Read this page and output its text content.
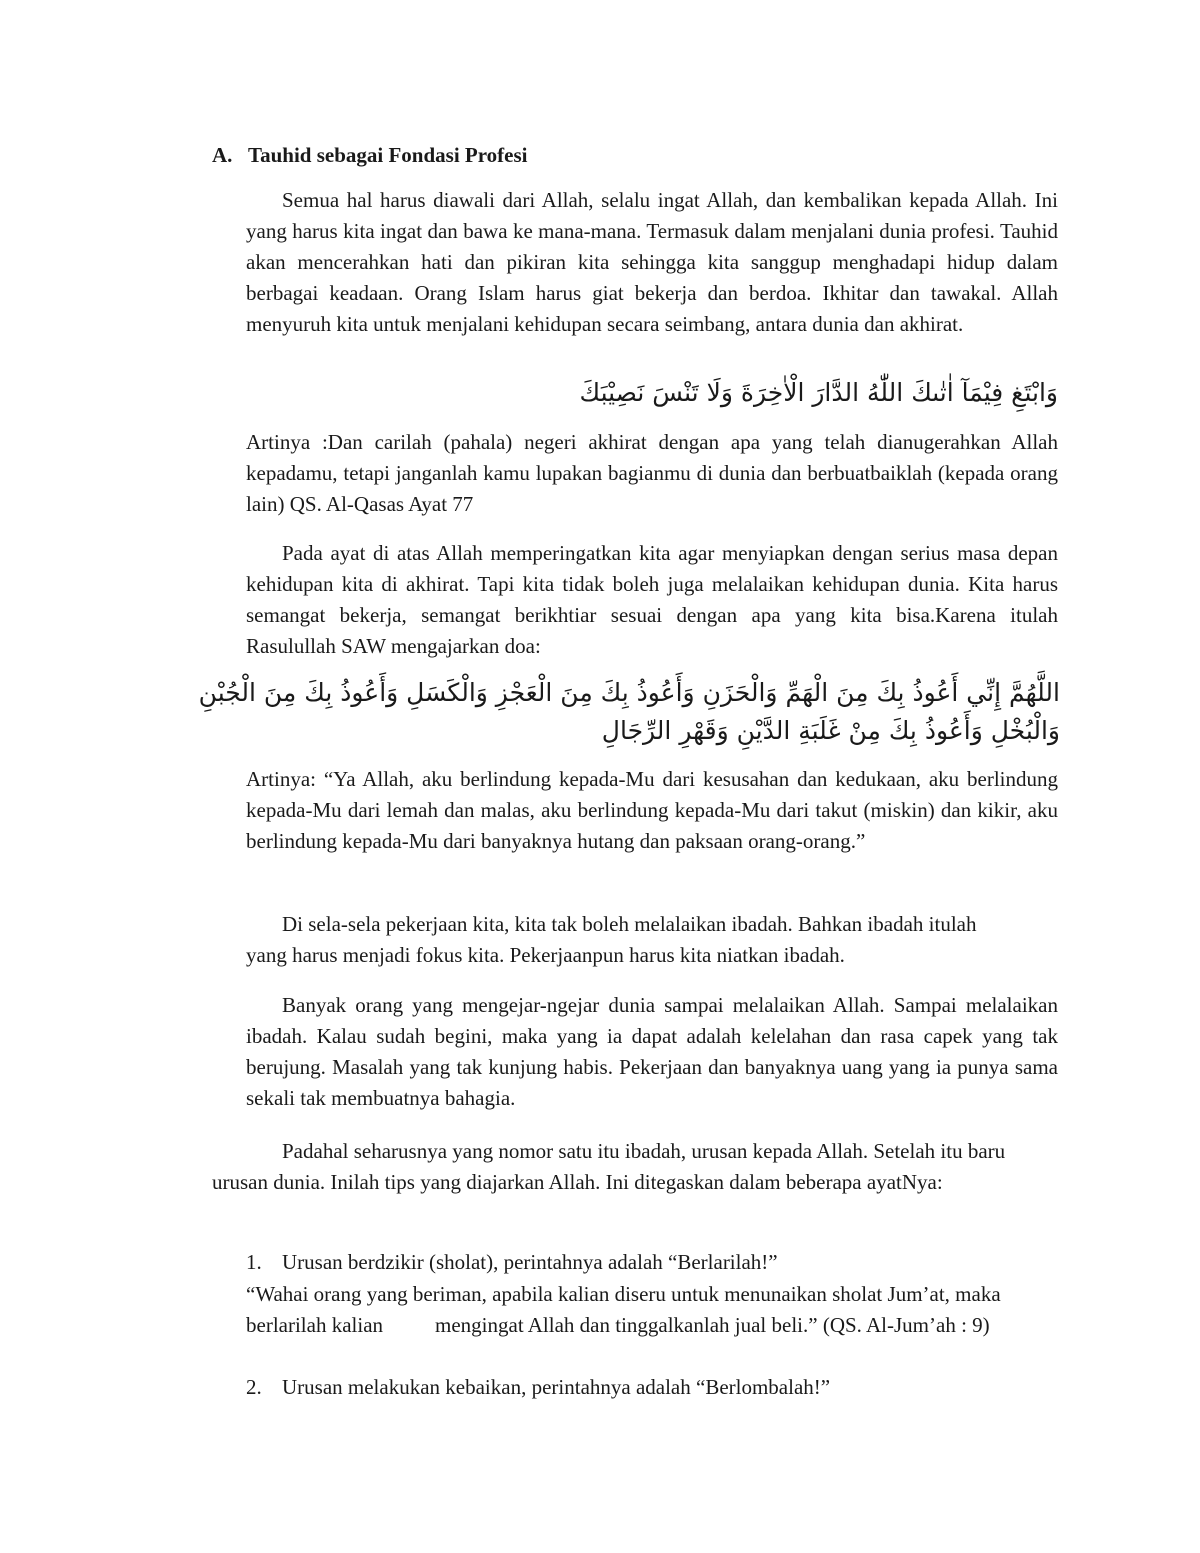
A. Tauhid sebagai Fondasi Profesi

Semua hal harus diawali dari Allah, selalu ingat Allah, dan kembalikan kepada Allah. Ini yang harus kita ingat dan bawa ke mana-mana. Termasuk dalam menjalani dunia profesi. Tauhid akan mencerahkan hati dan pikiran kita sehingga kita sanggup menghadapi hidup dalam berbagai keadaan. Orang Islam harus giat bekerja dan berdoa. Ikhitar dan tawakal. Allah menyuruh kita untuk menjalani kehidupan secara seimbang, antara dunia dan akhirat.

وَابْتَغِ فِيْمَآ اٰتٰىكَ اللّٰهُ الدَّارَ الْاٰخِرَةَ وَلَا تَنْسَ نَصِيْبَكَ

Artinya :Dan carilah (pahala) negeri akhirat dengan apa yang telah dianugerahkan Allah kepadamu, tetapi janganlah kamu lupakan bagianmu di dunia dan berbuatbaiklah (kepada orang lain) QS. Al-Qasas Ayat 77

Pada ayat di atas Allah memperingatkan kita agar menyiapkan dengan serius masa depan kehidupan kita di akhirat. Tapi kita tidak boleh juga melalaikan kehidupan dunia. Kita harus semangat bekerja, semangat berikhtiar sesuai dengan apa yang kita bisa.Karena itulah Rasulullah SAW mengajarkan doa:

اللَّهُمَّ إِنِّي أَعُوذُ بِكَ مِنَ الْهَمِّ وَالْحَزَنِ وَأَعُوذُ بِكَ مِنَ الْعَجْزِ وَالْكَسَلِ وَأَعُوذُ بِكَ مِنَ الْجُبْنِ وَالْبُخْلِ وَأَعُوذُ بِكَ مِنْ غَلَبَةِ الدَّيْنِ وَقَهْرِ الرِّجَالِ

Artinya: “Ya Allah, aku berlindung kepada-Mu dari kesusahan dan kedukaan, aku berlindung kepada-Mu dari lemah dan malas, aku berlindung kepada-Mu dari takut (miskin) dan kikir, aku berlindung kepada-Mu dari banyaknya hutang dan paksaan orang-orang.”

Di sela-sela pekerjaan kita, kita tak boleh melalaikan ibadah. Bahkan ibadah itulah yang harus menjadi fokus kita. Pekerjaanpun harus kita niatkan ibadah.

Banyak orang yang mengejar-ngejar dunia sampai melalaikan Allah. Sampai melalaikan ibadah. Kalau sudah begini, maka yang ia dapat adalah kelelahan dan rasa capek yang tak berujung. Masalah yang tak kunjung habis. Pekerjaan dan banyaknya uang yang ia punya sama sekali tak membuatnya bahagia.

Padahal seharusnya yang nomor satu itu ibadah, urusan kepada Allah. Setelah itu baru urusan dunia. Inilah tips yang diajarkan Allah. Ini ditegaskan dalam beberapa ayatNya:

1. Urusan berdzikir (sholat), perintahnya adalah “Berlarilah!”

“Wahai orang yang beriman, apabila kalian diseru untuk menunaikan sholat Jum’at, maka berlarilah kalian mengingat Allah dan tinggalkanlah jual beli.” (QS. Al-Jum’ah : 9)

2. Urusan melakukan kebaikan, perintahnya adalah “Berlombalah!”
